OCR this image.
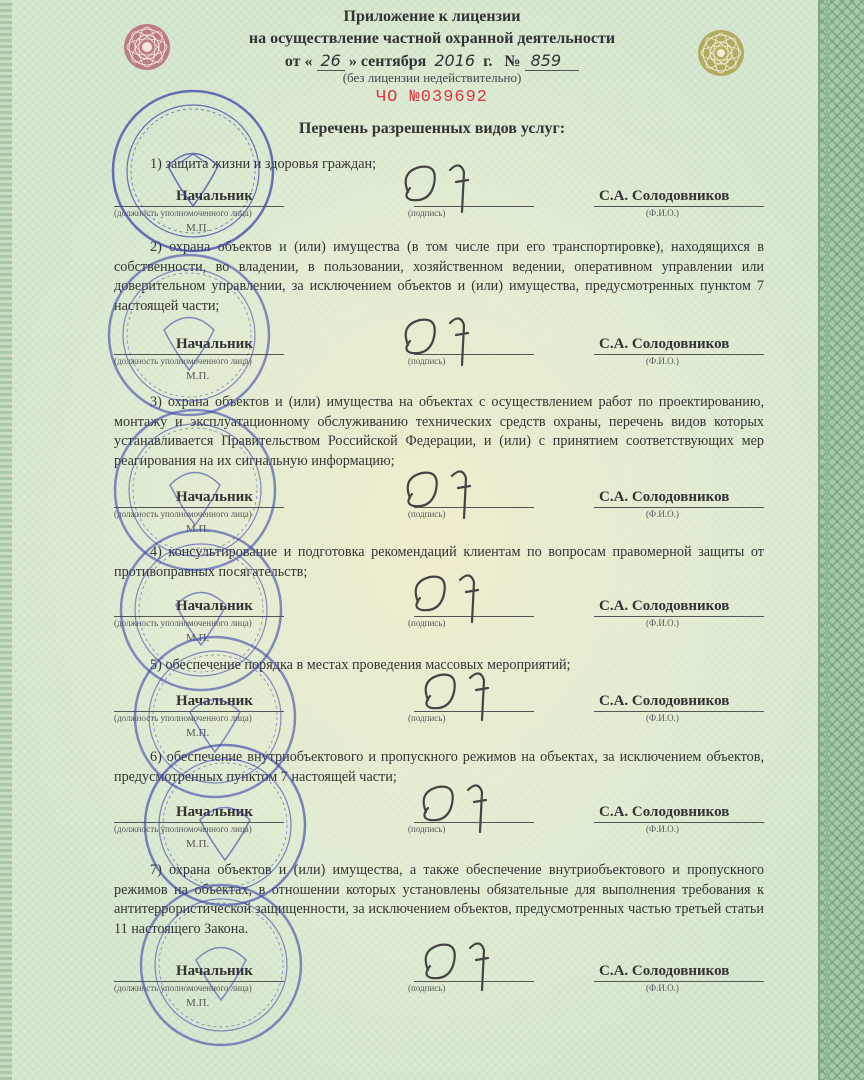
Приложение к лицензии
на осуществление частной охранной деятельности
от « 26 » сентября 2016 г. № 859
(без лицензии недействительно)
ЧО №039692
Перечень разрешенных видов услуг:
1) защита жизни и здоровья граждан;
Начальник
(должность уполномоченного лица)	(подпись)
С.А. Солодовников
(Ф.И.О.)
М.П.
2) охрана объектов и (или) имущества (в том числе при его транспортировке), находящихся в собственности, во владении, в пользовании, хозяйственном ведении, оперативном управлении или доверительном управлении, за исключением объектов и (или) имущества, предусмотренных пунктом 7 настоящей части;
Начальник
(должность уполномоченного лица)	(подпись)
С.А. Солодовников
(Ф.И.О.)
М.П.
3) охрана объектов и (или) имущества на объектах с осуществлением работ по проектированию, монтажу и эксплуатационному обслуживанию технических средств охраны, перечень видов которых устанавливается Правительством Российской Федерации, и (или) с принятием соответствующих мер реагирования на их сигнальную информацию;
Начальник
(должность уполномоченного лица)	(подпись)
С.А. Солодовников
(Ф.И.О.)
М.П.
4) консультирование и подготовка рекомендаций клиентам по вопросам правомерной защиты от противоправных посягательств;
Начальник
(должность уполномоченного лица)	(подпись)
С.А. Солодовников
(Ф.И.О.)
М.П.
5) обеспечение порядка в местах проведения массовых мероприятий;
Начальник
(должность уполномоченного лица)	(подпись)
С.А. Солодовников
(Ф.И.О.)
М.П.
6) обеспечение внутриобъектового и пропускного режимов на объектах, за исключением объектов, предусмотренных пунктом 7 настоящей части;
Начальник
(должность уполномоченного лица)	(подпись)
С.А. Солодовников
(Ф.И.О.)
М.П.
7) охрана объектов и (или) имущества, а также обеспечение внутриобъектового и пропускного режимов на объектах, в отношении которых установлены обязательные для выполнения требования к антитеррористической защищенности, за исключением объектов, предусмотренных частью третьей статьи 11 настоящего Закона.
Начальник
(должность уполномоченного лица)	(подпись)
С.А. Солодовников
(Ф.И.О.)
М.П.
